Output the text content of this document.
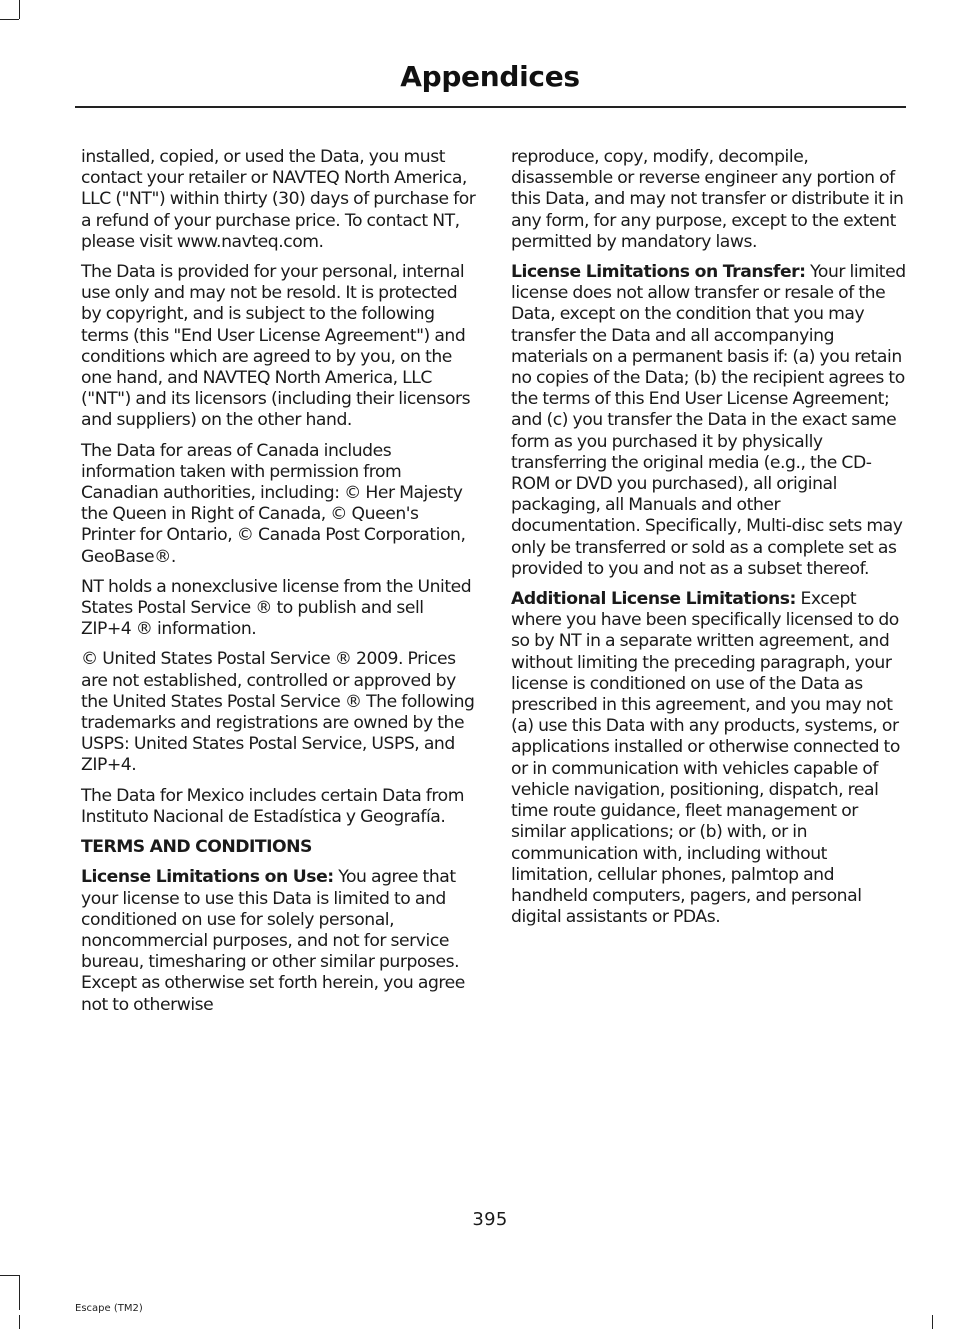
Appendices

installed, copied, or used the Data, you must contact your retailer or NAVTEQ North America, LLC ("NT") within thirty (30) days of purchase for a refund of your purchase price. To contact NT, please visit www.navteq.com.

The Data is provided for your personal, internal use only and may not be resold. It is protected by copyright, and is subject to the following terms (this "End User License Agreement") and conditions which are agreed to by you, on the one hand, and NAVTEQ North America, LLC ("NT") and its licensors (including their licensors and suppliers) on the other hand.

The Data for areas of Canada includes information taken with permission from Canadian authorities, including: © Her Majesty the Queen in Right of Canada, © Queen's Printer for Ontario, © Canada Post Corporation, GeoBase®.

NT holds a nonexclusive license from the United States Postal Service ® to publish and sell ZIP+4 ® information.

© United States Postal Service ® 2009. Prices are not established, controlled or approved by the United States Postal Service ® The following trademarks and registrations are owned by the USPS: United States Postal Service, USPS, and ZIP+4.

The Data for Mexico includes certain Data from Instituto Nacional de Estadística y Geografía.

TERMS AND CONDITIONS

License Limitations on Use: You agree that your license to use this Data is limited to and conditioned on use for solely personal, noncommercial purposes, and not for service bureau, timesharing or other similar purposes. Except as otherwise set forth herein, you agree not to otherwise

reproduce, copy, modify, decompile, disassemble or reverse engineer any portion of this Data, and may not transfer or distribute it in any form, for any purpose, except to the extent permitted by mandatory laws.

License Limitations on Transfer: Your limited license does not allow transfer or resale of the Data, except on the condition that you may transfer the Data and all accompanying materials on a permanent basis if: (a) you retain no copies of the Data; (b) the recipient agrees to the terms of this End User License Agreement; and (c) you transfer the Data in the exact same form as you purchased it by physically transferring the original media (e.g., the CD-ROM or DVD you purchased), all original packaging, all Manuals and other documentation. Specifically, Multi-disc sets may only be transferred or sold as a complete set as provided to you and not as a subset thereof.

Additional License Limitations: Except where you have been specifically licensed to do so by NT in a separate written agreement, and without limiting the preceding paragraph, your license is conditioned on use of the Data as prescribed in this agreement, and you may not (a) use this Data with any products, systems, or applications installed or otherwise connected to or in communication with vehicles capable of vehicle navigation, positioning, dispatch, real time route guidance, fleet management or similar applications; or (b) with, or in communication with, including without limitation, cellular phones, palmtop and handheld computers, pagers, and personal digital assistants or PDAs.

395
Escape (TM2)
